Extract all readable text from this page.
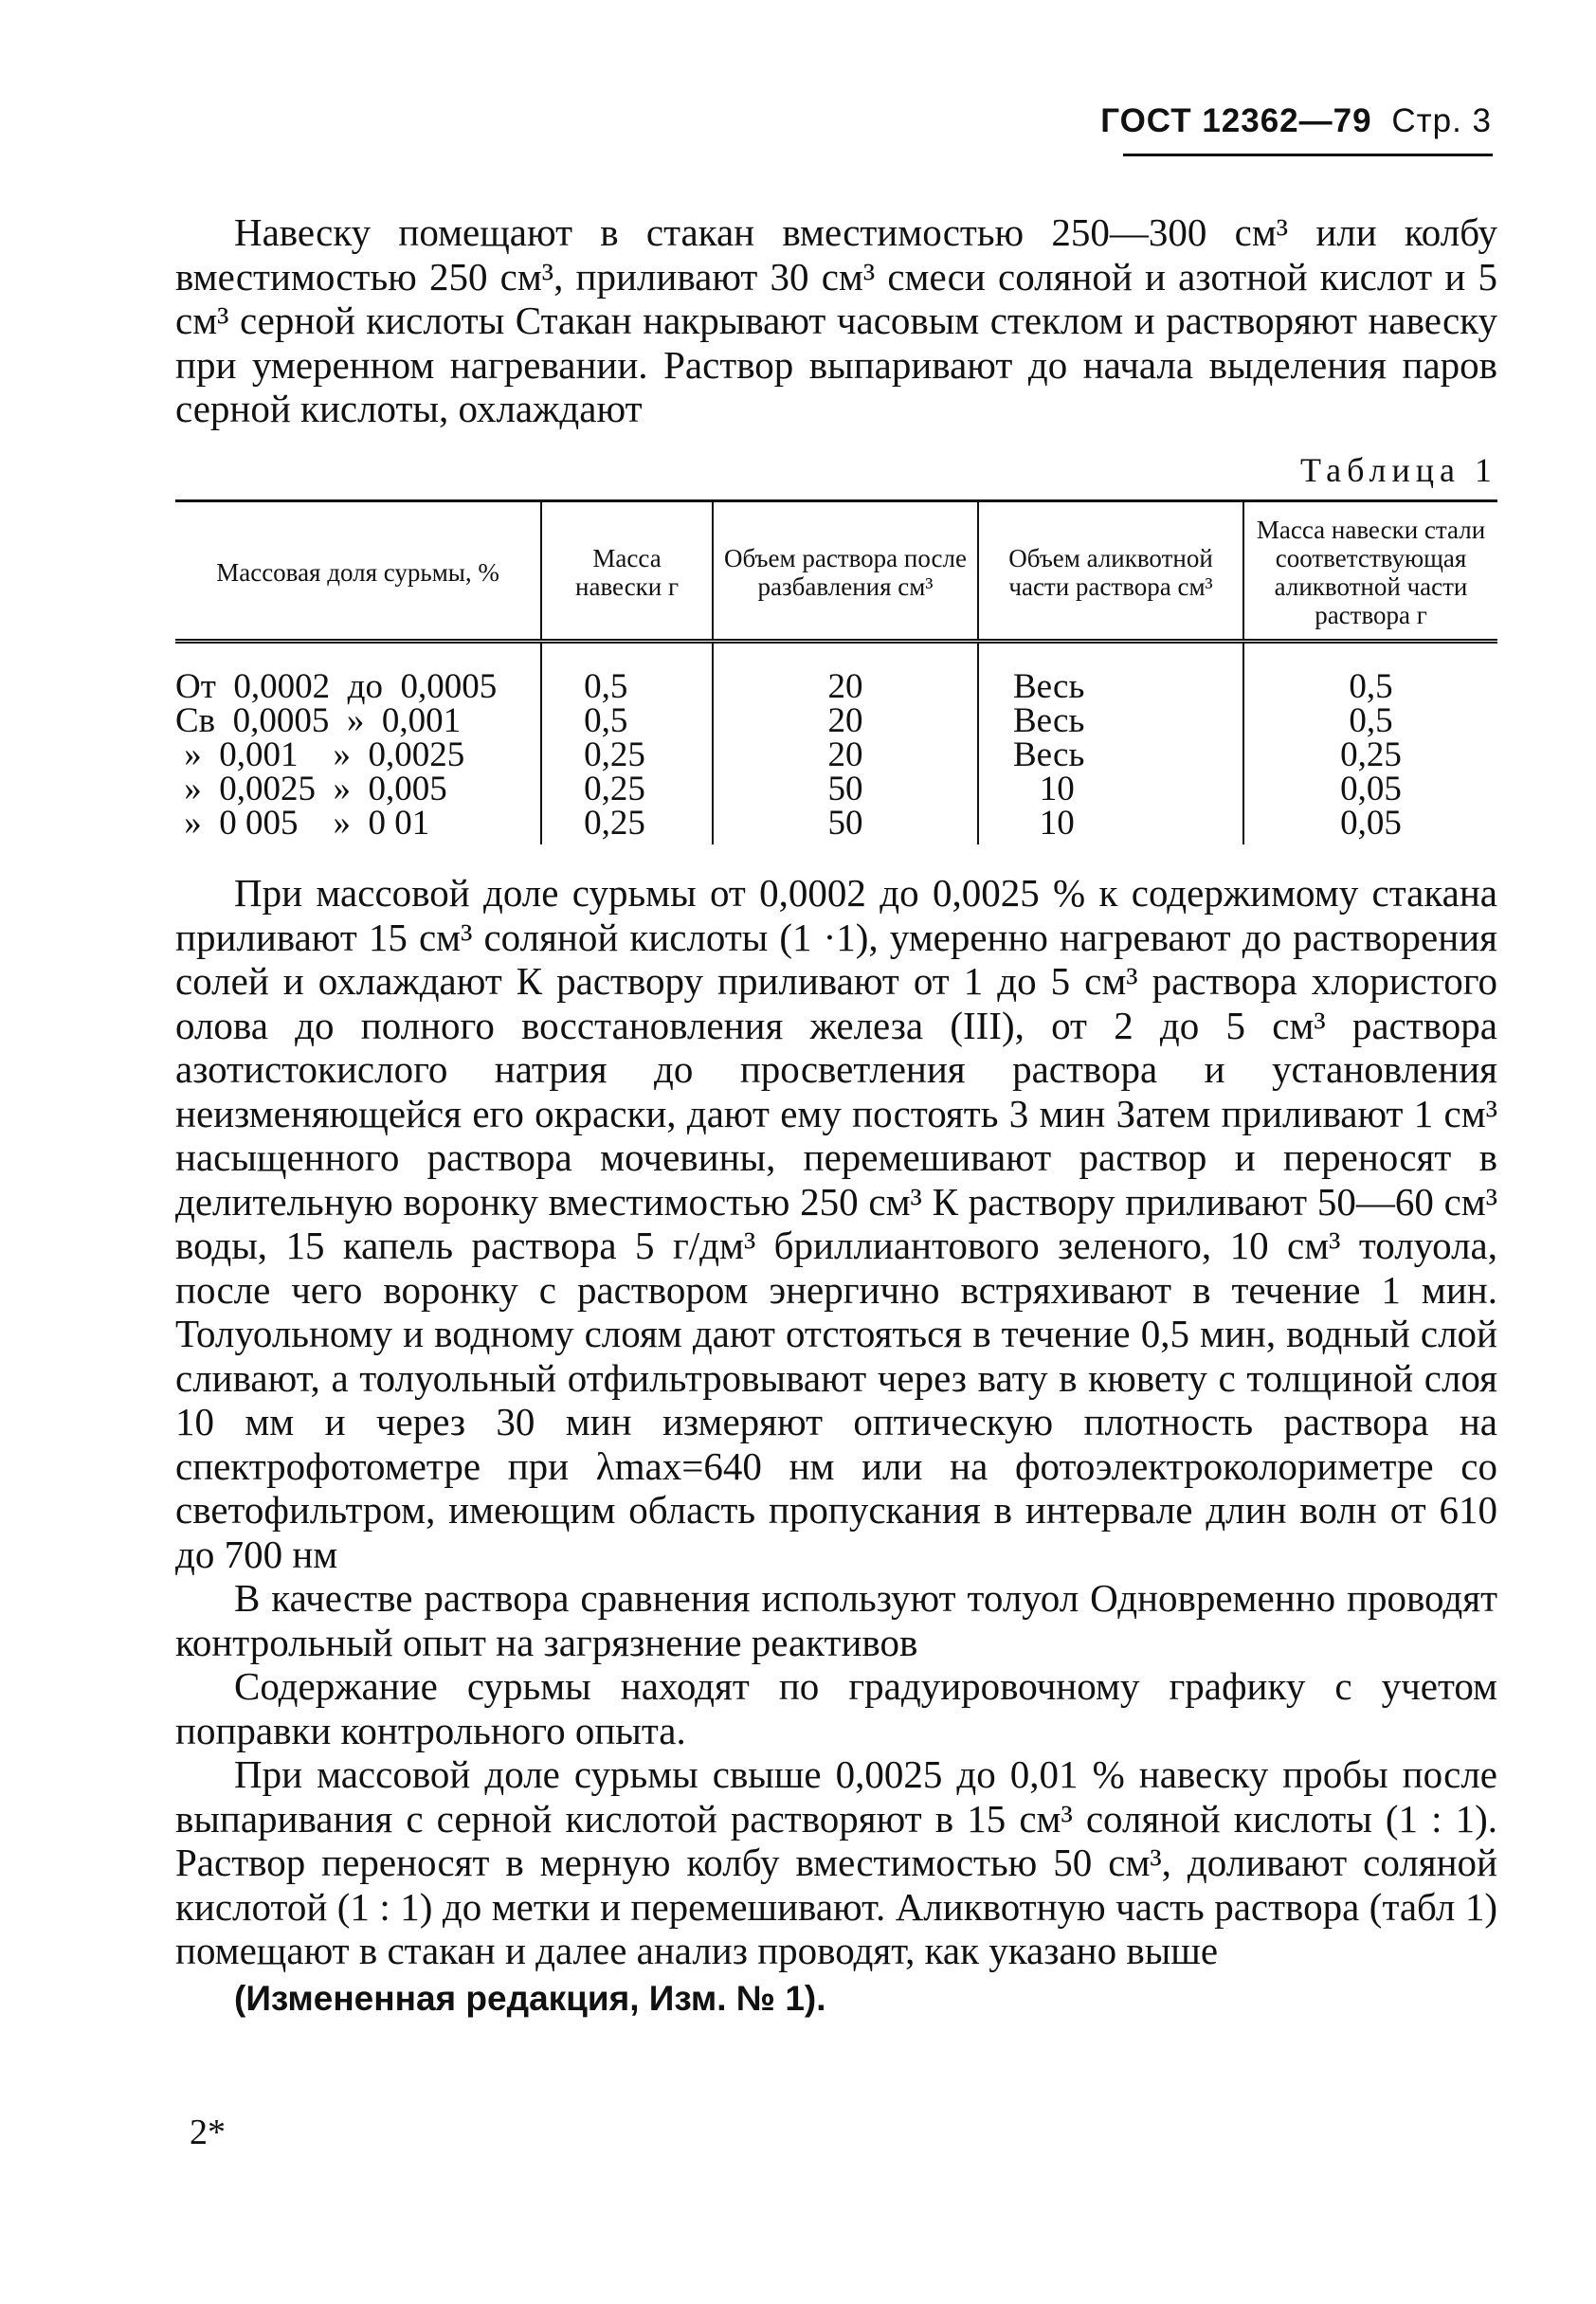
ГОСТ 12362—79 Стр. 3

Навеску помещают в стакан вместимостью 250—300 см³ или колбу вместимостью 250 см³, приливают 30 см³ смеси соляной и азотной кислот и 5 см³ серной кислоты Стакан накрывают часовым стеклом и растворяют навеску при умеренном нагревании. Раствор выпаривают до начала выделения паров серной кислоты, охлаждают

Таблица 1
Массовая доля сурьмы, %	Масса навески г	Объем раствора после разбавления см³	Объем аликвотной части раствора см³	Масса навески стали соответствующая аликвотной части раствора г
От  0,0002  до  0,0005	0,5	20	Весь	0,5
Св  0,0005  »  0,001	0,5	20	Весь	0,5
»  0,001    »  0,0025	0,25	20	Весь	0,25
»  0,0025  »  0,005	0,25	50	10	0,05
»  0 005    »  0 01	0,25	50	10	0,05

При массовой доле сурьмы от 0,0002 до 0,0025 % к содержимому стакана приливают 15 см³ соляной кислоты (1 ·1), умеренно нагревают до растворения солей и охлаждают К раствору приливают от 1 до 5 см³ раствора хлористого олова до полного восстановления железа (III), от 2 до 5 см³ раствора азотистокислого натрия до просветления раствора и установления неизменяющейся его окраски, дают ему постоять 3 мин Затем приливают 1 см³ насыщенного раствора мочевины, перемешивают раствор и переносят в делительную воронку вместимостью 250 см³ К раствору приливают 50—60 см³ воды, 15 капель раствора 5 г/дм³ бриллиантового зеленого, 10 см³ толуола, после чего воронку с раствором энергично встряхивают в течение 1 мин. Толуольному и водному слоям дают отстояться в течение 0,5 мин, водный слой сливают, а толуольный отфильтровывают через вату в кювету с толщиной слоя 10 мм и через 30 мин измеряют оптическую плотность раствора на спектрофотометре при λmax=640 нм или на фотоэлектроколориметре со светофильтром, имеющим область пропускания в интервале длин волн от 610 до 700 нм

В качестве раствора сравнения используют толуол Одновременно проводят контрольный опыт на загрязнение реактивов

Содержание сурьмы находят по градуировочному графику с учетом поправки контрольного опыта.

При массовой доле сурьмы свыше 0,0025 до 0,01 % навеску пробы после выпаривания с серной кислотой растворяют в 15 см³ соляной кислоты (1 : 1). Раствор переносят в мерную колбу вместимостью 50 см³, доливают соляной кислотой (1 : 1) до метки и перемешивают. Аликвотную часть раствора (табл 1) помещают в стакан и далее анализ проводят, как указано выше

(Измененная редакция, Изм. № 1).

2*
